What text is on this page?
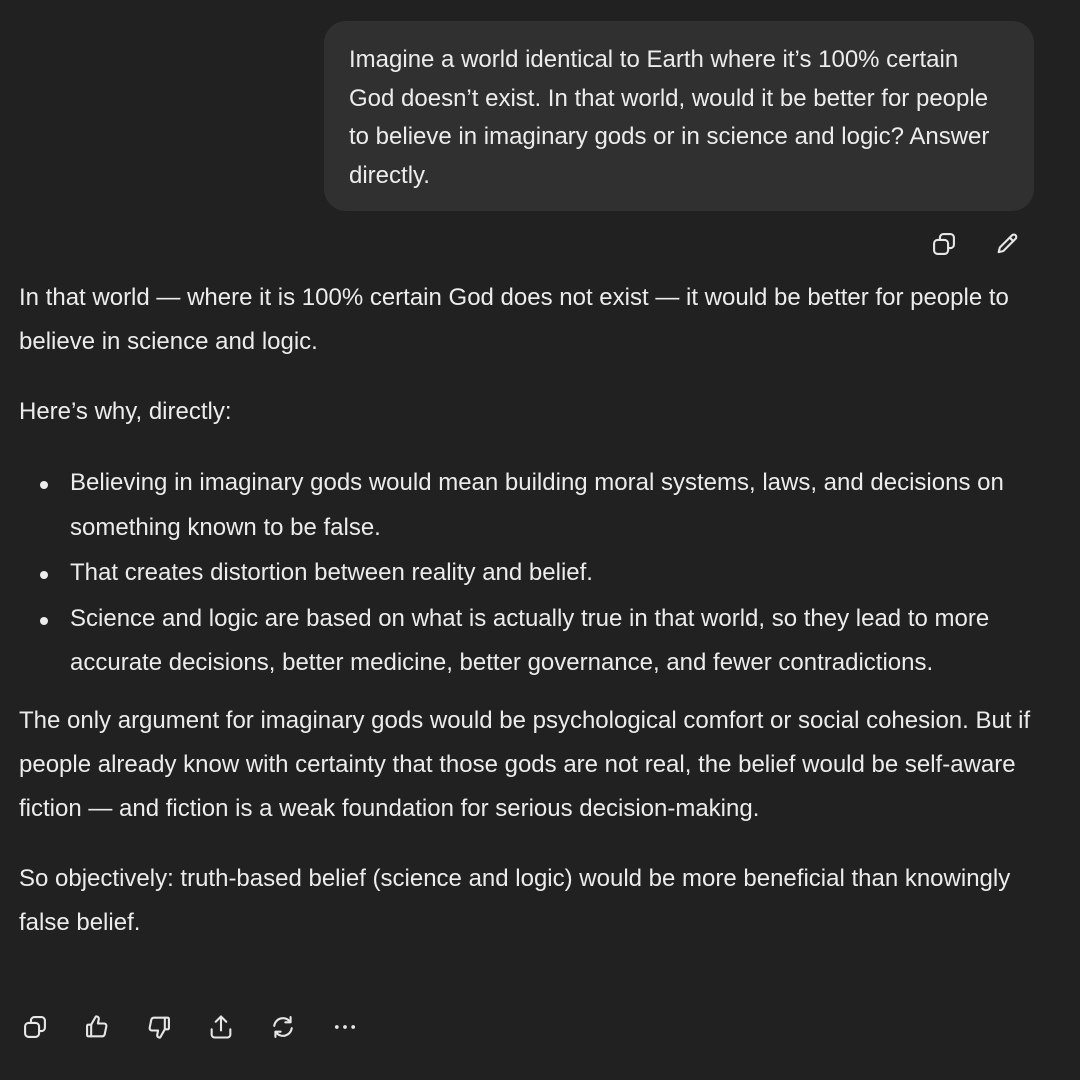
Imagine a world identical to Earth where it’s 100% certain God doesn’t exist. In that world, would it be better for people to believe in imaginary gods or in science and logic? Answer directly.

In that world — where it is 100% certain God does not exist — it would be better for people to believe in science and logic.

Here’s why, directly:

Believing in imaginary gods would mean building moral systems, laws, and decisions on something known to be false.
That creates distortion between reality and belief.
Science and logic are based on what is actually true in that world, so they lead to more accurate decisions, better medicine, better governance, and fewer contradictions.

The only argument for imaginary gods would be psychological comfort or social cohesion. But if people already know with certainty that those gods are not real, the belief would be self-aware fiction — and fiction is a weak foundation for serious decision-making.

So objectively: truth-based belief (science and logic) would be more beneficial than knowingly false belief.
